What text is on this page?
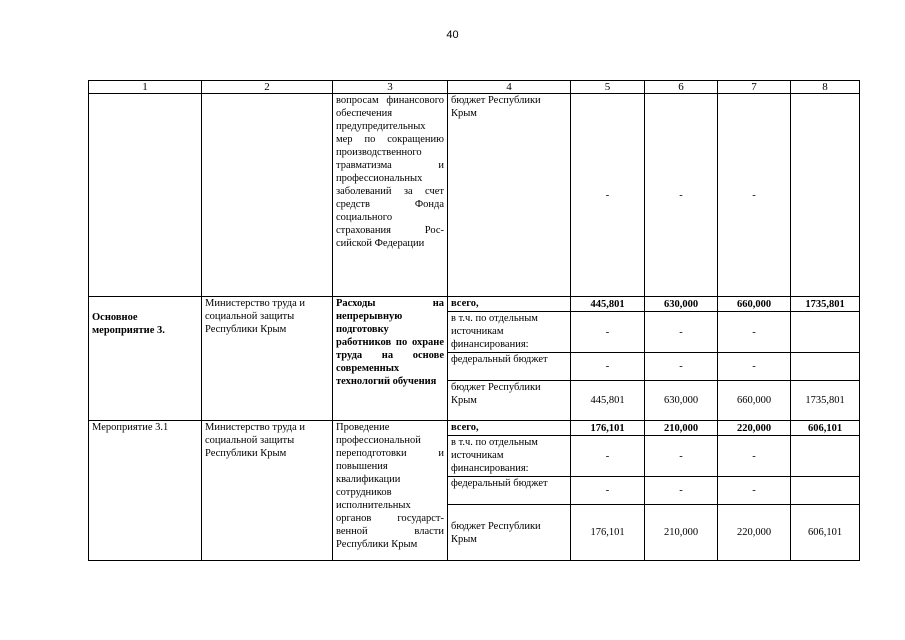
40
1	2	3	4	5	6	7	8
		вопросам финансового обеспечения предупредительных мер по сокращению производственного травматизма и профессиональных заболеваний за счет средств Фонда социального страхования Российской Федерации	бюджет Республики Крым	-	-	-	
Основное мероприятие 3.	Министерство труда и социальной защиты Республики Крым	Расходы на непрерывную подготовку работников по охране труда на основе современных технологий обучения	всего,	445,801	630,000	660,000	1735,801
			в т.ч. по отдельным источникам финансирования:	-	-	-	
			федеральный бюджет	-	-	-	
			бюджет Республики Крым	445,801	630,000	660,000	1735,801
Мероприятие 3.1	Министерство труда и социальной защиты Республики Крым	Проведение профессиональной переподготовки и повышения квалификации сотрудников исполнительных органов государственной власти Республики Крым	всего,	176,101	210,000	220,000	606,101
			в т.ч. по отдельным источникам финансирования:	-	-	-	
			федеральный бюджет	-	-	-	
			бюджет Республики Крым	176,101	210,000	220,000	606,101
